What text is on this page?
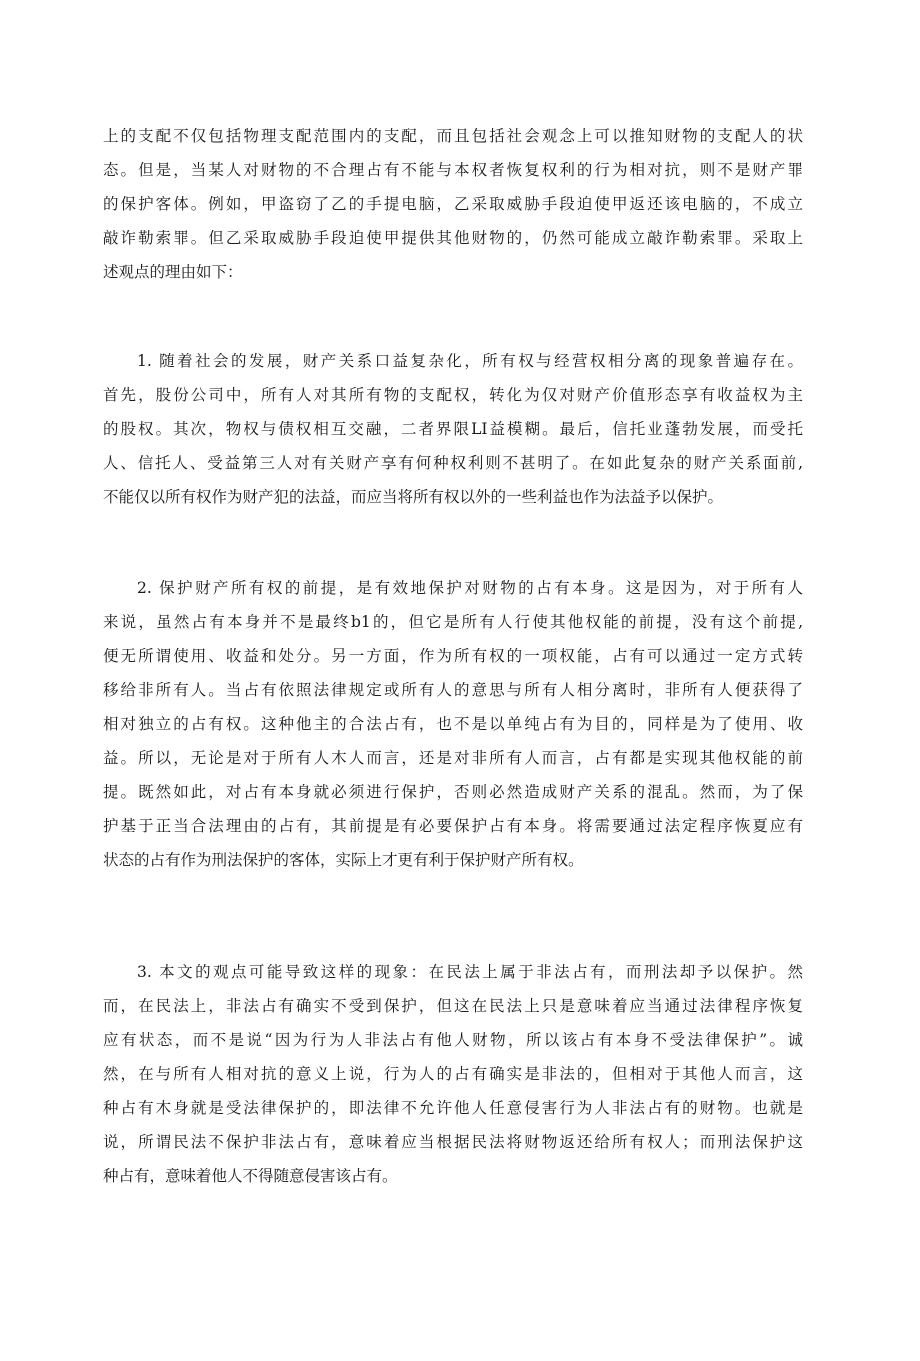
上的支配不仅包括物理支配范围内的支配，而且包括社会观念上可以推知财物的支配人的状
态。但是，当某人对财物的不合理占有不能与本权者恢复权利的行为相对抗，则不是财产罪
的保护客体。例如，甲盗窃了乙的手提电脑，乙采取威胁手段迫使甲返还该电脑的，不成立
敲诈勒索罪。但乙采取威胁手段迫使甲提供其他财物的，仍然可能成立敲诈勒索罪。采取上
述观点的理由如下：
1. 随着社会的发展，财产关系口益复杂化，所有权与经营权相分离的现象普遍存在。
首先，股份公司中，所有人对其所有物的支配权，转化为仅对财产价值形态享有收益权为主
的股权。其次，物权与债权相互交融，二者界限LI益模糊。最后，信托业蓬勃发展，而受托
人、信托人、受益第三人对有关财产享有何种权利则不甚明了。在如此复杂的财产关系面前,
不能仅以所有权作为财产犯的法益，而应当将所有权以外的一些利益也作为法益予以保护。
2. 保护财产所有权的前提，是有效地保护对财物的占有本身。这是因为，对于所有人
来说，虽然占有本身并不是最终b1的，但它是所有人行使其他权能的前提，没有这个前提,
便无所谓使用、收益和处分。另一方面，作为所有权的一项权能，占有可以通过一定方式转
移给非所有人。当占有依照法律规定或所有人的意思与所有人相分离时，非所有人便获得了
相对独立的占有权。这种他主的合法占有，也不是以单纯占有为目的，同样是为了使用、收
益。所以，无论是对于所有人木人而言，还是对非所有人而言，占有都是实现其他权能的前
提。既然如此，对占有本身就必须进行保护，否则必然造成财产关系的混乱。然而，为了保
护基于正当合法理由的占有，其前提是有必要保护占有本身。将需要通过法定程序恢夏应有
状态的占有作为刑法保护的客体，实际上才更有利于保护财产所有权。
3. 本文的观点可能导致这样的现象：在民法上属于非法占有，而刑法却予以保护。然
而，在民法上，非法占有确实不受到保护，但这在民法上只是意味着应当通过法律程序恢复
应有状态，而不是说“因为行为人非法占有他人财物，所以该占有本身不受法律保护”。诚
然，在与所有人相对抗的意义上说，行为人的占有确实是非法的，但相对于其他人而言，这
种占有木身就是受法律保护的，即法律不允许他人任意侵害行为人非法占有的财物。也就是
说，所谓民法不保护非法占有，意味着应当根据民法将财物返还给所有权人；而刑法保护这
种占有，意味着他人不得随意侵害该占有。
